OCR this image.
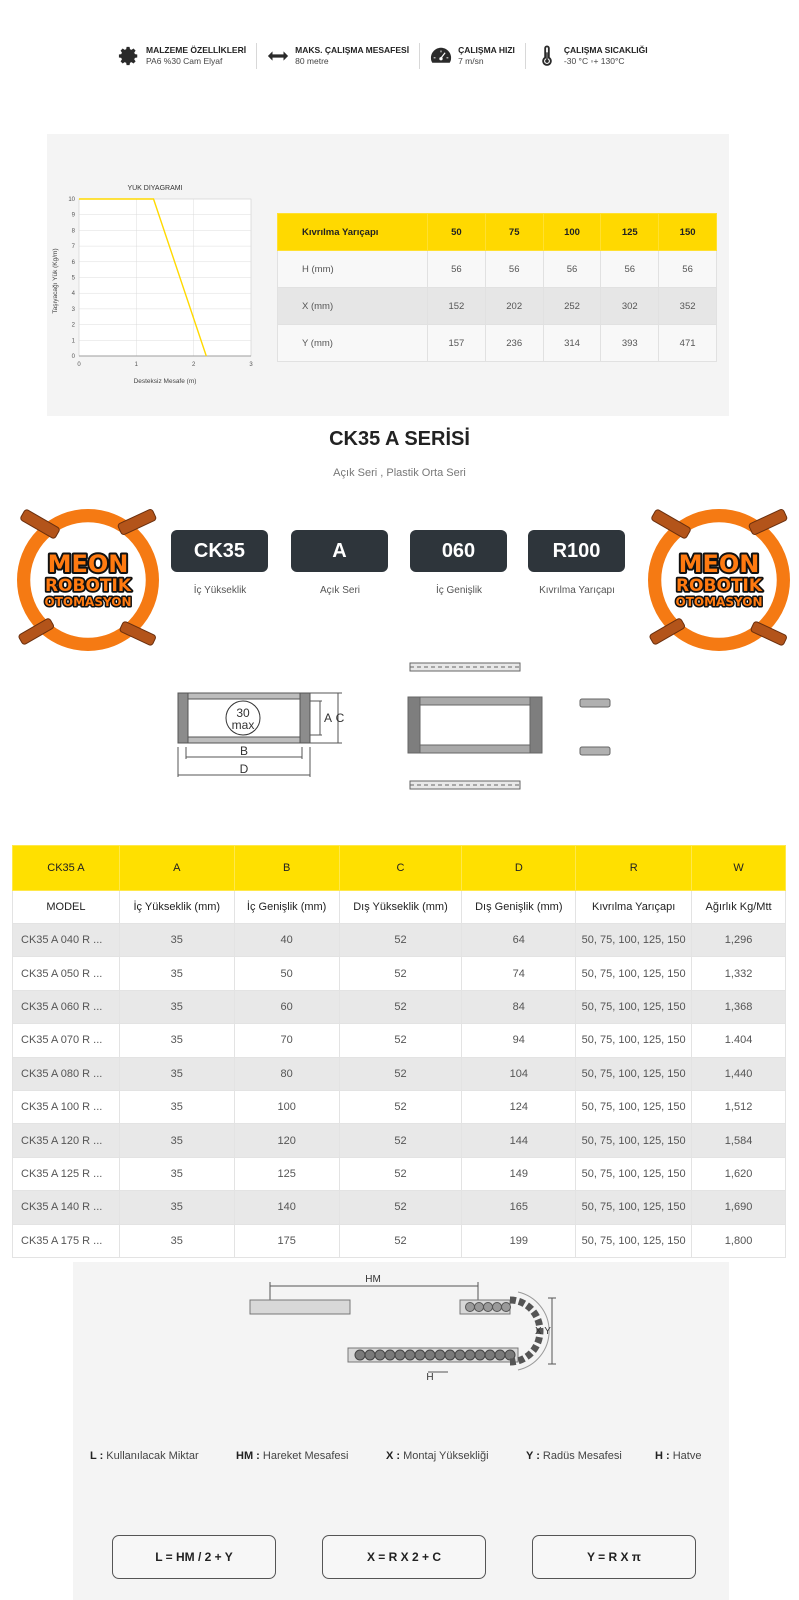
MALZEME ÖZELLİKLERİ
PA6 %30 Cam Elyaf
MAKS. ÇALIŞMA MESAFESİ
80 metre
ÇALIŞMA HIZI
7 m/sn
ÇALIŞMA SICAKLIĞI
-30 °C ◦+ 130°C
YÜK DİYAGRAMI
0
1
2
3
4
5
6
7
8
9
10
0	1	2	3
Desteksiz Mesafe (m)
Taşıyacağı Yük (Kg/m)
Kıvrılma Yarıçapı	50	75	100	125	150
H (mm)	56	56	56	56	56
X (mm)	152	202	252	302	352
Y (mm)	157	236	314	393	471
CK35 A SERİSİ
Açık Seri , Plastik Orta Seri
MEON
ROBOTIK
OTOMASYON
CK35	A	060	R100
İç Yükseklik	Açık Seri	İç Genişlik	Kıvrılma Yarıçapı
MEON
ROBOTIK
OTOMASYON
30
max	A C
B
D
CK35 A	A	B	C	D	R	W
MODEL	İç Yükseklik (mm)	İç Genişlik (mm)	Dış Yükseklik (mm)	Dış Genişlik (mm)	Kıvrılma Yarıçapı	Ağırlık Kg/Mtt
CK35 A 040 R ...	35	40	52	64	50, 75, 100, 125, 150	1,296
CK35 A 050 R ...	35	50	52	74	50, 75, 100, 125, 150	1,332
CK35 A 060 R ...	35	60	52	84	50, 75, 100, 125, 150	1,368
CK35 A 070 R ...	35	70	52	94	50, 75, 100, 125, 150	1.404
CK35 A 080 R ...	35	80	52	104	50, 75, 100, 125, 150	1,440
CK35 A 100 R ...	35	100	52	124	50, 75, 100, 125, 150	1,512
CK35 A 120 R ...	35	120	52	144	50, 75, 100, 125, 150	1,584
CK35 A 125 R ...	35	125	52	149	50, 75, 100, 125, 150	1,620
CK35 A 140 R ...	35	140	52	165	50, 75, 100, 125, 150	1,690
CK35 A 175 R ...	35	175	52	199	50, 75, 100, 125, 150	1,800
HM
H
X Y
L : Kullanılacak Miktar	HM : Hareket Mesafesi	X : Montaj Yüksekliği	Y : Radüs Mesafesi	H : Hatve
L = HM / 2 + Y	X = R X 2 + C	Y = R X π
